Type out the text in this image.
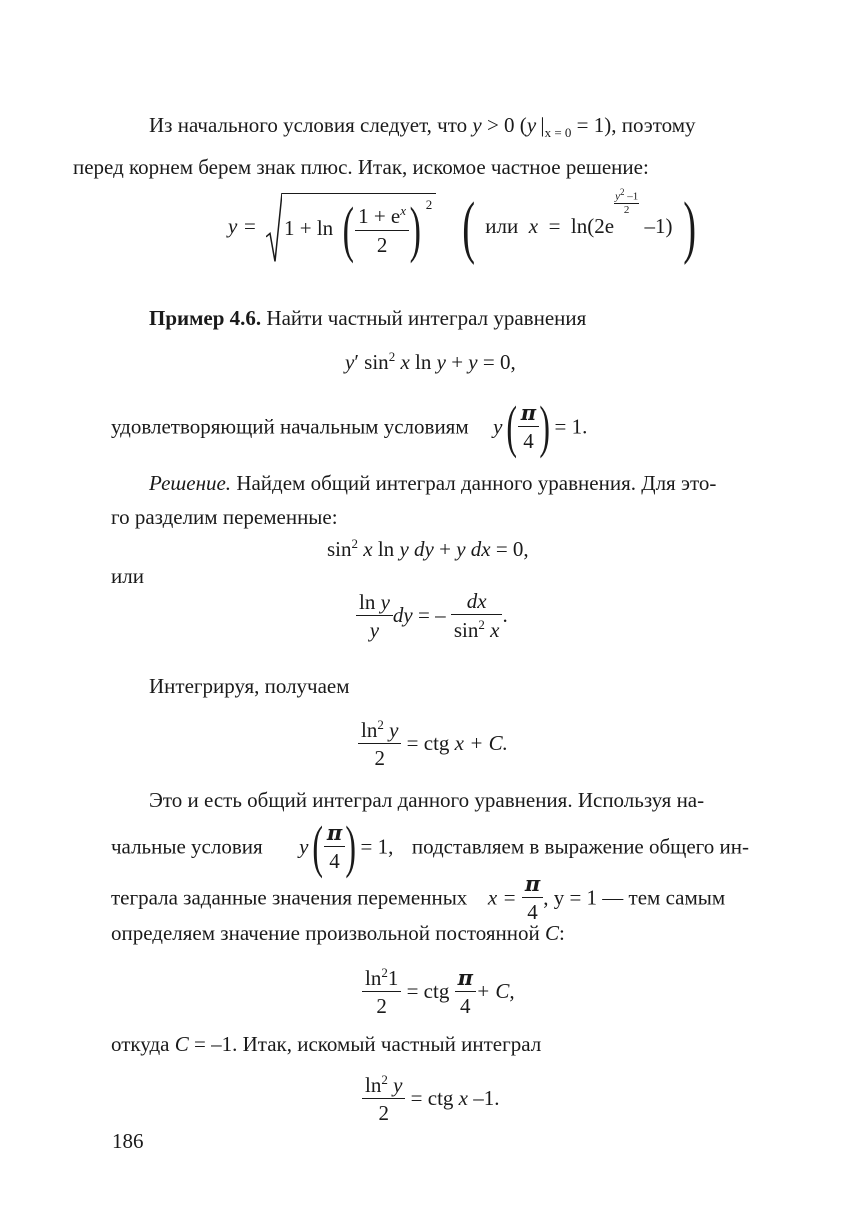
Из начального условия следует, что y > 0 (y $|_{x = 0} = 1$), поэтому
перед корнем берем знак плюс. Итак, искомое частное решение:
y = 1 + ln ( $\frac{1 + e^x}{2}$ ) $^2$ ( или x = ln(2e
$\frac{y^2 -1}{2}$
–1) )
Пример 4.6. Найти частный интеграл уравнения
y′ $\sin^2 x$ ln y + y = 0,
удовлетворяющий начальным условиям $y( \frac{\pi}{4}$ ) = 1.
Решение. Найдем общий интеграл данного уравнения. Для это-
го разделим переменные:
$\sin^2 x$ ln y dy + y dx = 0,
или
$\frac{\text{ln y}}{y}$ dy = – $\frac{dx}{\sin^2 x}$ .
Интегрируя, получаем
$\frac{\ln^2 y}{2}$ = ctg x + C.
Это и есть общий интеграл данного уравнения. Используя на-
чальные условия $y( \frac{\pi}{4}$ ) = 1, подставляем в выражение общего ин-
теграла заданные значения переменных $x = \frac{\pi}{4}$ , y = 1 — тем самым
определяем значение произвольной постоянной C:
$\frac{\ln^21}{2}$ = ctg $\frac{\pi}{4} + C$,
откуда C = –1. Итак, искомый частный интеграл
$\frac{\ln^2 y}{2}$ = ctg x –1.
186
